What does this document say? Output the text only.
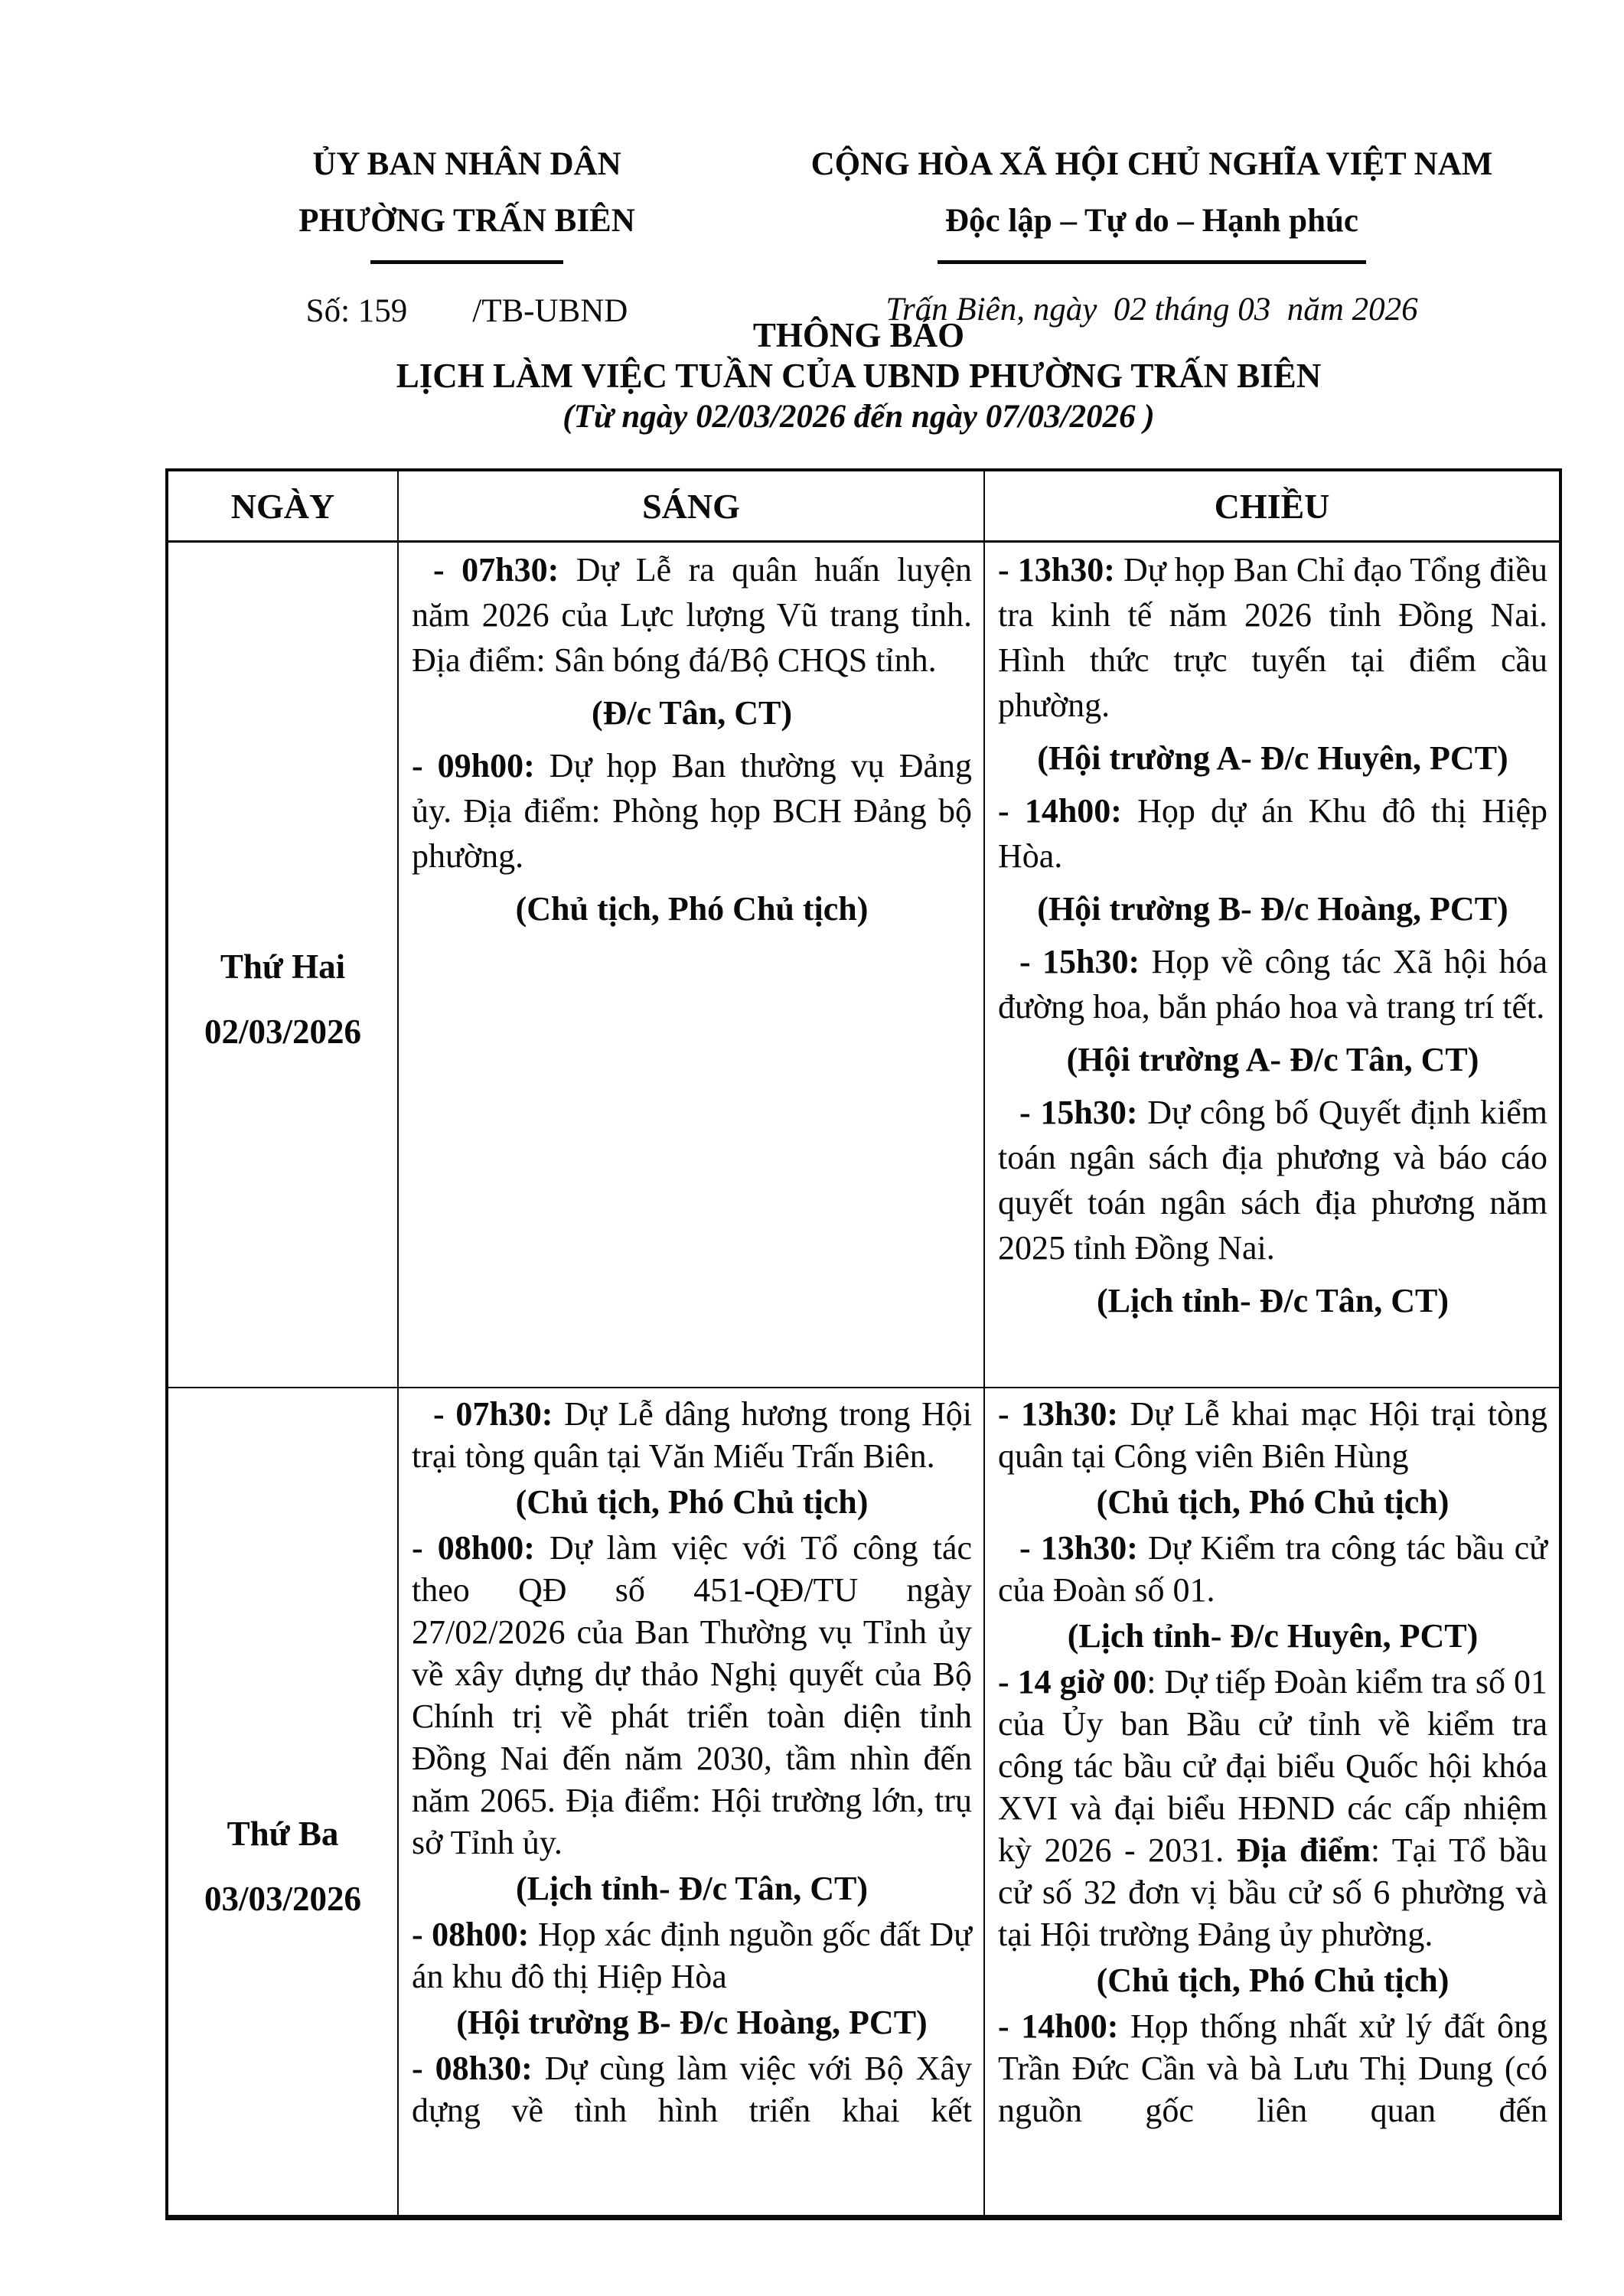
ỦY BAN NHÂN DÂN
PHƯỜNG TRẤN BIÊN
Số: 159 /TB-UBND
CỘNG HÒA XÃ HỘI CHỦ NGHĨA VIỆT NAM
Độc lập – Tự do – Hạnh phúc
Trấn Biên, ngày  02 tháng 03  năm 2026
THÔNG BÁO
LỊCH LÀM VIỆC TUẦN CỦA UBND PHƯỜNG TRẤN BIÊN
(Từ ngày 02/03/2026 đến ngày 07/03/2026 )
NGÀY	SÁNG	CHIỀU
Thứ Hai
02/03/2026
- 07h30: Dự Lễ ra quân huấn luyện năm 2026 của Lực lượng Vũ trang tỉnh. Địa điểm: Sân bóng đá/Bộ CHQS tỉnh.
(Đ/c Tân, CT)
- 09h00: Dự họp Ban thường vụ Đảng ủy. Địa điểm: Phòng họp BCH Đảng bộ phường.
(Chủ tịch, Phó Chủ tịch)
- 13h30: Dự họp Ban Chỉ đạo Tổng điều tra kinh tế năm 2026 tỉnh Đồng Nai. Hình thức trực tuyến tại điểm cầu phường.
(Hội trường A- Đ/c Huyên, PCT)
- 14h00: Họp dự án Khu đô thị Hiệp Hòa.
(Hội trường B- Đ/c Hoàng, PCT)
- 15h30: Họp về công tác Xã hội hóa đường hoa, bắn pháo hoa và trang trí tết.
(Hội trường A- Đ/c Tân, CT)
- 15h30: Dự công bố Quyết định kiểm toán ngân sách địa phương và báo cáo quyết toán ngân sách địa phương năm 2025 tỉnh Đồng Nai.
(Lịch tỉnh- Đ/c Tân, CT)
Thứ Ba
03/03/2026
- 07h30: Dự Lễ dâng hương trong Hội trại tòng quân tại Văn Miếu Trấn Biên.
(Chủ tịch, Phó Chủ tịch)
- 08h00: Dự làm việc với Tổ công tác theo QĐ số 451-QĐ/TU ngày 27/02/2026 của Ban Thường vụ Tỉnh ủy về xây dựng dự thảo Nghị quyết của Bộ Chính trị về phát triển toàn diện tỉnh Đồng Nai đến năm 2030, tầm nhìn đến năm 2065. Địa điểm: Hội trường lớn, trụ sở Tỉnh ủy.
(Lịch tỉnh- Đ/c Tân, CT)
- 08h00: Họp xác định nguồn gốc đất Dự án khu đô thị Hiệp Hòa
(Hội trường B- Đ/c Hoàng, PCT)
- 08h30: Dự cùng làm việc với Bộ Xây dựng về tình hình triển khai kết
- 13h30: Dự Lễ khai mạc Hội trại tòng quân tại Công viên Biên Hùng
(Chủ tịch, Phó Chủ tịch)
- 13h30: Dự Kiểm tra công tác bầu cử của Đoàn số 01.
(Lịch tỉnh- Đ/c Huyên, PCT)
- 14 giờ 00: Dự tiếp Đoàn kiểm tra số 01 của Ủy ban Bầu cử tỉnh về kiểm tra công tác bầu cử đại biểu Quốc hội khóa XVI và đại biểu HĐND các cấp nhiệm kỳ 2026 - 2031. Địa điểm: Tại Tổ bầu cử số 32 đơn vị bầu cử số 6 phường và tại Hội trường Đảng ủy phường.
(Chủ tịch, Phó Chủ tịch)
- 14h00: Họp thống nhất xử lý đất ông Trần Đức Cần và bà Lưu Thị Dung (có nguồn gốc liên quan đến
